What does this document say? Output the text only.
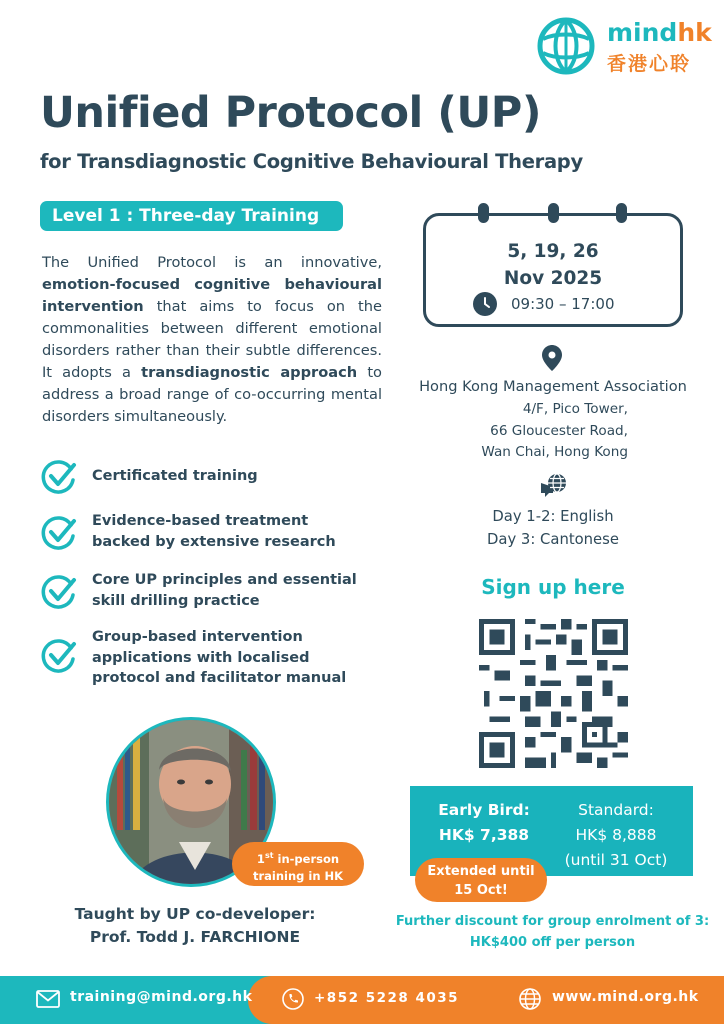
mindhk
香港心聆
Unified Protocol (UP)
for Transdiagnostic Cognitive Behavioural Therapy
Level 1 : Three-day Training
The Unified Protocol is an innovative, emotion-focused cognitive behavioural intervention that aims to focus on the commonalities between different emotional disorders rather than their subtle differences. It adopts a transdiagnostic approach to address a broad range of co-occurring mental disorders simultaneously.
Certificated training
Evidence-based treatment
backed by extensive research
Core UP principles and essential
skill drilling practice
Group-based intervention
applications with localised
protocol and facilitator manual
5, 19, 26
Nov 2025
09:30 – 17:00
Hong Kong Management Association
4/F, Pico Tower,
66 Gloucester Road,
Wan Chai, Hong Kong
Day 1-2: English
Day 3: Cantonese
Sign up here
Early Bird:
HK$ 7,388
Standard:
HK$ 8,888
(until 31 Oct)
Extended until
15 Oct!
Further discount for group enrolment of 3:
HK$400 off per person
1st in-person
training in HK
Taught by UP co-developer:
Prof. Todd J. FARCHIONE
training@mind.org.hk	+852 5228 4035	www.mind.org.hk
